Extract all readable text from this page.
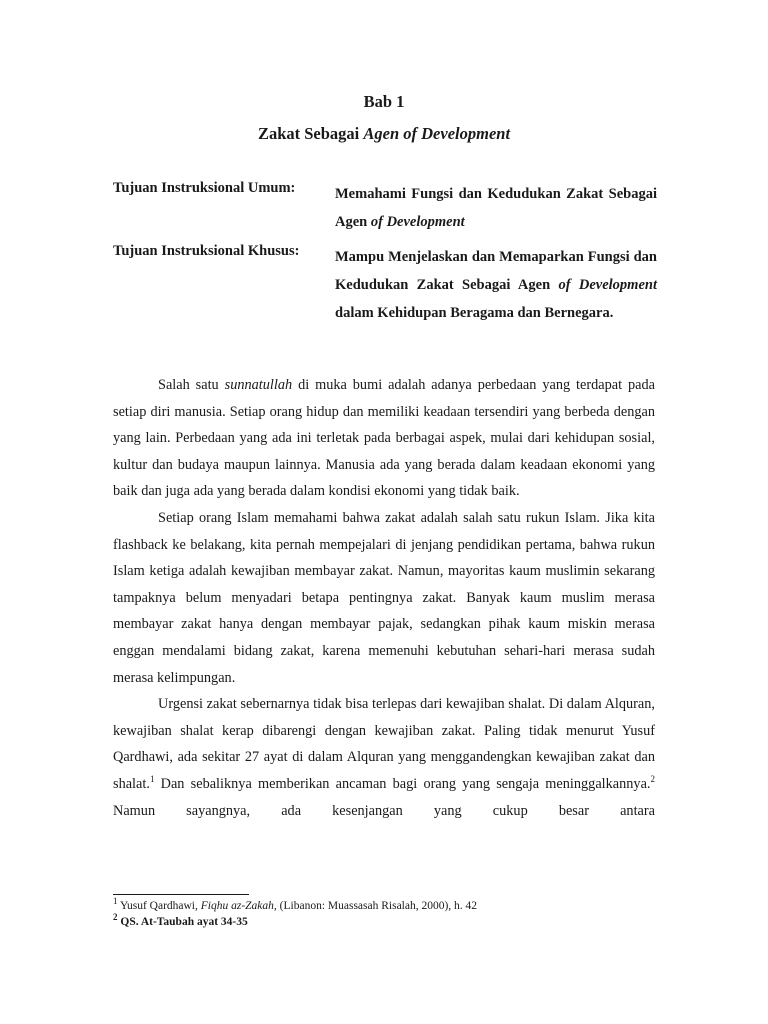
Bab 1
Zakat Sebagai Agen of Development
Tujuan Instruksional Umum:	Memahami Fungsi dan Kedudukan Zakat Sebagai Agen of Development
Tujuan Instruksional Khusus:	Mampu Menjelaskan dan Memaparkan Fungsi dan Kedudukan Zakat Sebagai Agen of Development dalam Kehidupan Beragama dan Bernegara.

Salah satu sunnatullah di muka bumi adalah adanya perbedaan yang terdapat pada setiap diri manusia. Setiap orang hidup dan memiliki keadaan tersendiri yang berbeda dengan yang lain. Perbedaan yang ada ini terletak pada berbagai aspek, mulai dari kehidupan sosial, kultur dan budaya maupun lainnya. Manusia ada yang berada dalam keadaan ekonomi yang baik dan juga ada yang berada dalam kondisi ekonomi yang tidak baik.

Setiap orang Islam memahami bahwa zakat adalah salah satu rukun Islam. Jika kita flashback ke belakang, kita pernah mempejalari di jenjang pendidikan pertama, bahwa rukun Islam ketiga adalah kewajiban membayar zakat. Namun, mayoritas kaum muslimin sekarang tampaknya belum menyadari betapa pentingnya zakat. Banyak kaum muslim merasa membayar zakat hanya dengan membayar pajak, sedangkan pihak kaum miskin merasa enggan mendalami bidang zakat, karena memenuhi kebutuhan sehari-hari merasa sudah merasa kelimpungan.

Urgensi zakat sebernarnya tidak bisa terlepas dari kewajiban shalat. Di dalam Alquran, kewajiban shalat kerap dibarengi dengan kewajiban zakat. Paling tidak menurut Yusuf Qardhawi, ada sekitar 27 ayat di dalam Alquran yang menggandengkan kewajiban zakat dan shalat.$^1$ Dan sebaliknya memberikan ancaman bagi orang yang sengaja meninggalkannya.$^2$ Namun sayangnya, ada kesenjangan yang cukup besar antara

$^1$ Yusuf Qardhawi, Fiqhu az-Zakah, (Libanon: Muassasah Risalah, 2000), h. 42
$^2$ QS. At-Taubah ayat 34-35
